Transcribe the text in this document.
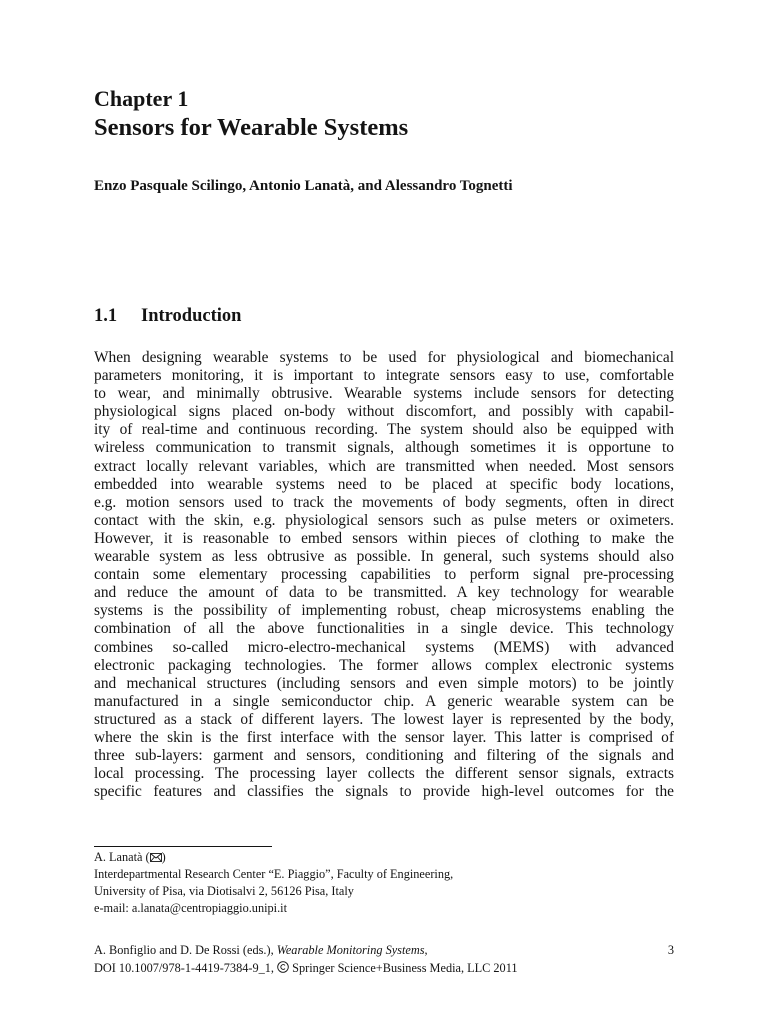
Chapter 1
Sensors for Wearable Systems
Enzo Pasquale Scilingo, Antonio Lanatà, and Alessandro Tognetti
1.1 Introduction
When designing wearable systems to be used for physiological and biomechanical
parameters monitoring, it is important to integrate sensors easy to use, comfortable
to wear, and minimally obtrusive. Wearable systems include sensors for detecting
physiological signs placed on-body without discomfort, and possibly with capabil-
ity of real-time and continuous recording. The system should also be equipped with
wireless communication to transmit signals, although sometimes it is opportune to
extract locally relevant variables, which are transmitted when needed. Most sensors
embedded into wearable systems need to be placed at specific body locations,
e.g. motion sensors used to track the movements of body segments, often in direct
contact with the skin, e.g. physiological sensors such as pulse meters or oximeters.
However, it is reasonable to embed sensors within pieces of clothing to make the
wearable system as less obtrusive as possible. In general, such systems should also
contain some elementary processing capabilities to perform signal pre-processing
and reduce the amount of data to be transmitted. A key technology for wearable
systems is the possibility of implementing robust, cheap microsystems enabling the
combination of all the above functionalities in a single device. This technology
combines so-called micro-electro-mechanical systems (MEMS) with advanced
electronic packaging technologies. The former allows complex electronic systems
and mechanical structures (including sensors and even simple motors) to be jointly
manufactured in a single semiconductor chip. A generic wearable system can be
structured as a stack of different layers. The lowest layer is represented by the body,
where the skin is the first interface with the sensor layer. This latter is comprised of
three sub-layers: garment and sensors, conditioning and filtering of the signals and
local processing. The processing layer collects the different sensor signals, extracts
specific features and classifies the signals to provide high-level outcomes for the
A. Lanatà ( )
Interdepartmental Research Center “E. Piaggio”, Faculty of Engineering,
University of Pisa, via Diotisalvi 2, 56126 Pisa, Italy
e-mail: a.lanata@centropiaggio.unipi.it
A. Bonfiglio and D. De Rossi (eds.), Wearable Monitoring Systems,
DOI 10.1007/978-1-4419-7384-9_1,  Springer Science+Business Media, LLC 2011
3
